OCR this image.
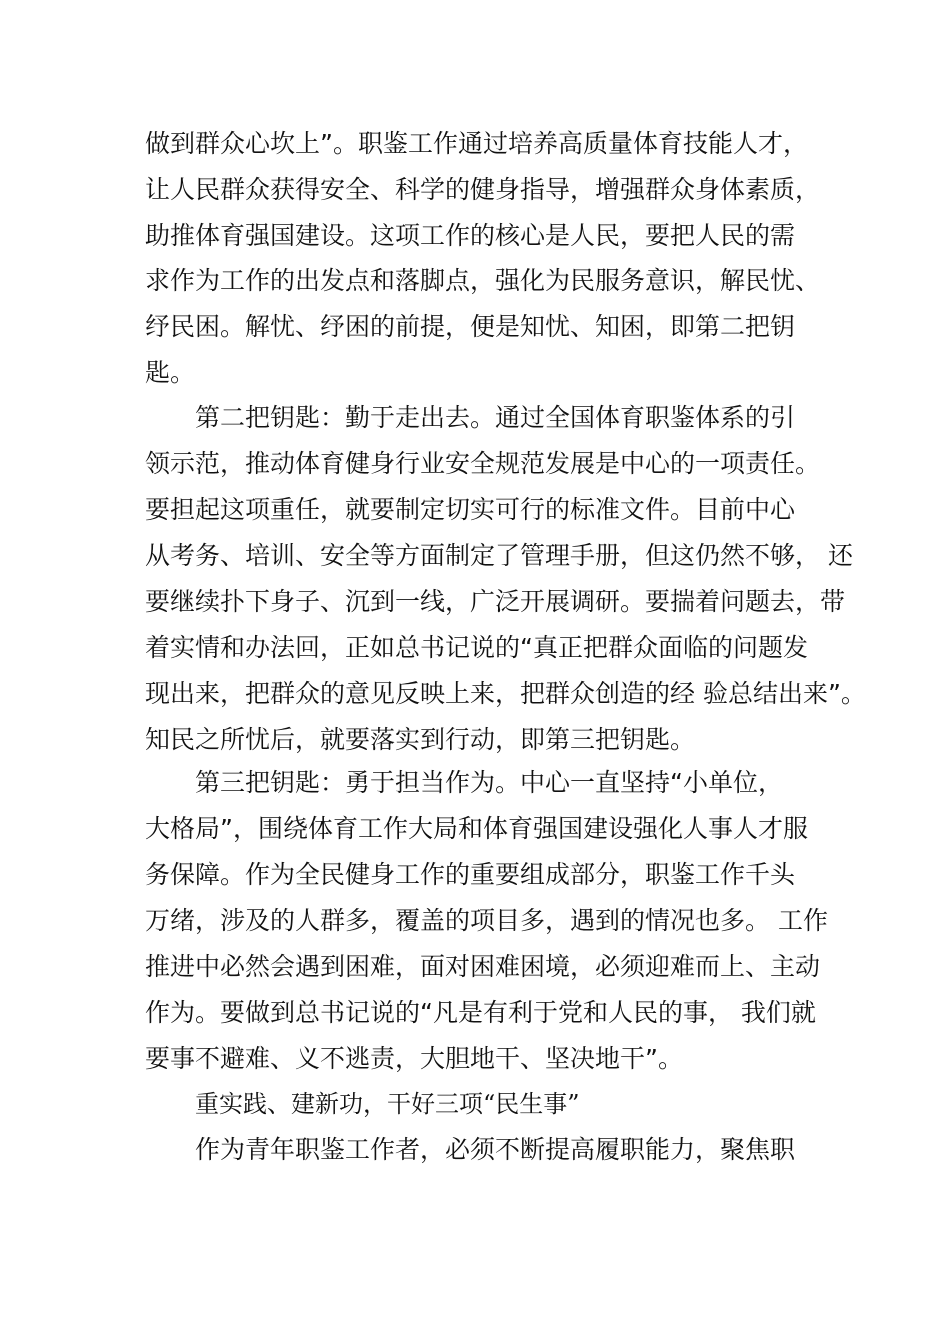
做到群众心坎上”。职鉴工作通过培养高质量体育技能人才，

让人民群众获得安全、科学的健身指导，增强群众身体素质，

助推体育强国建设。这项工作的核心是人民，要把人民的需

求作为工作的出发点和落脚点，强化为民服务意识，解民忧、

纾民困。解忧、纾困的前提，便是知忧、知困，即第二把钥

匙。

第二把钥匙：勤于走出去。通过全国体育职鉴体系的引

领示范，推动体育健身行业安全规范发展是中心的一项责任。

要担起这项重任，就要制定切实可行的标准文件。目前中心

从考务、培训、安全等方面制定了管理手册，但这仍然不够， 还

要继续扑下身子、沉到一线，广泛开展调研。要揣着问题去，带

着实情和办法回，正如总书记说的“真正把群众面临的问题发

现出来，把群众的意见反映上来，把群众创造的经 验总结出来”。

知民之所忧后，就要落实到行动，即第三把钥匙。

第三把钥匙：勇于担当作为。中心一直坚持“小单位，

大格局”，围绕体育工作大局和体育强国建设强化人事人才服

务保障。作为全民健身工作的重要组成部分，职鉴工作千头

万绪，涉及的人群多，覆盖的项目多，遇到的情况也多。 工作

推进中必然会遇到困难，面对困难困境，必须迎难而上、主动

作为。要做到总书记说的“凡是有利于党和人民的事， 我们就

要事不避难、义不逃责，大胆地干、坚决地干”。

重实践、建新功，干好三项“民生事”

作为青年职鉴工作者，必须不断提高履职能力，聚焦职
